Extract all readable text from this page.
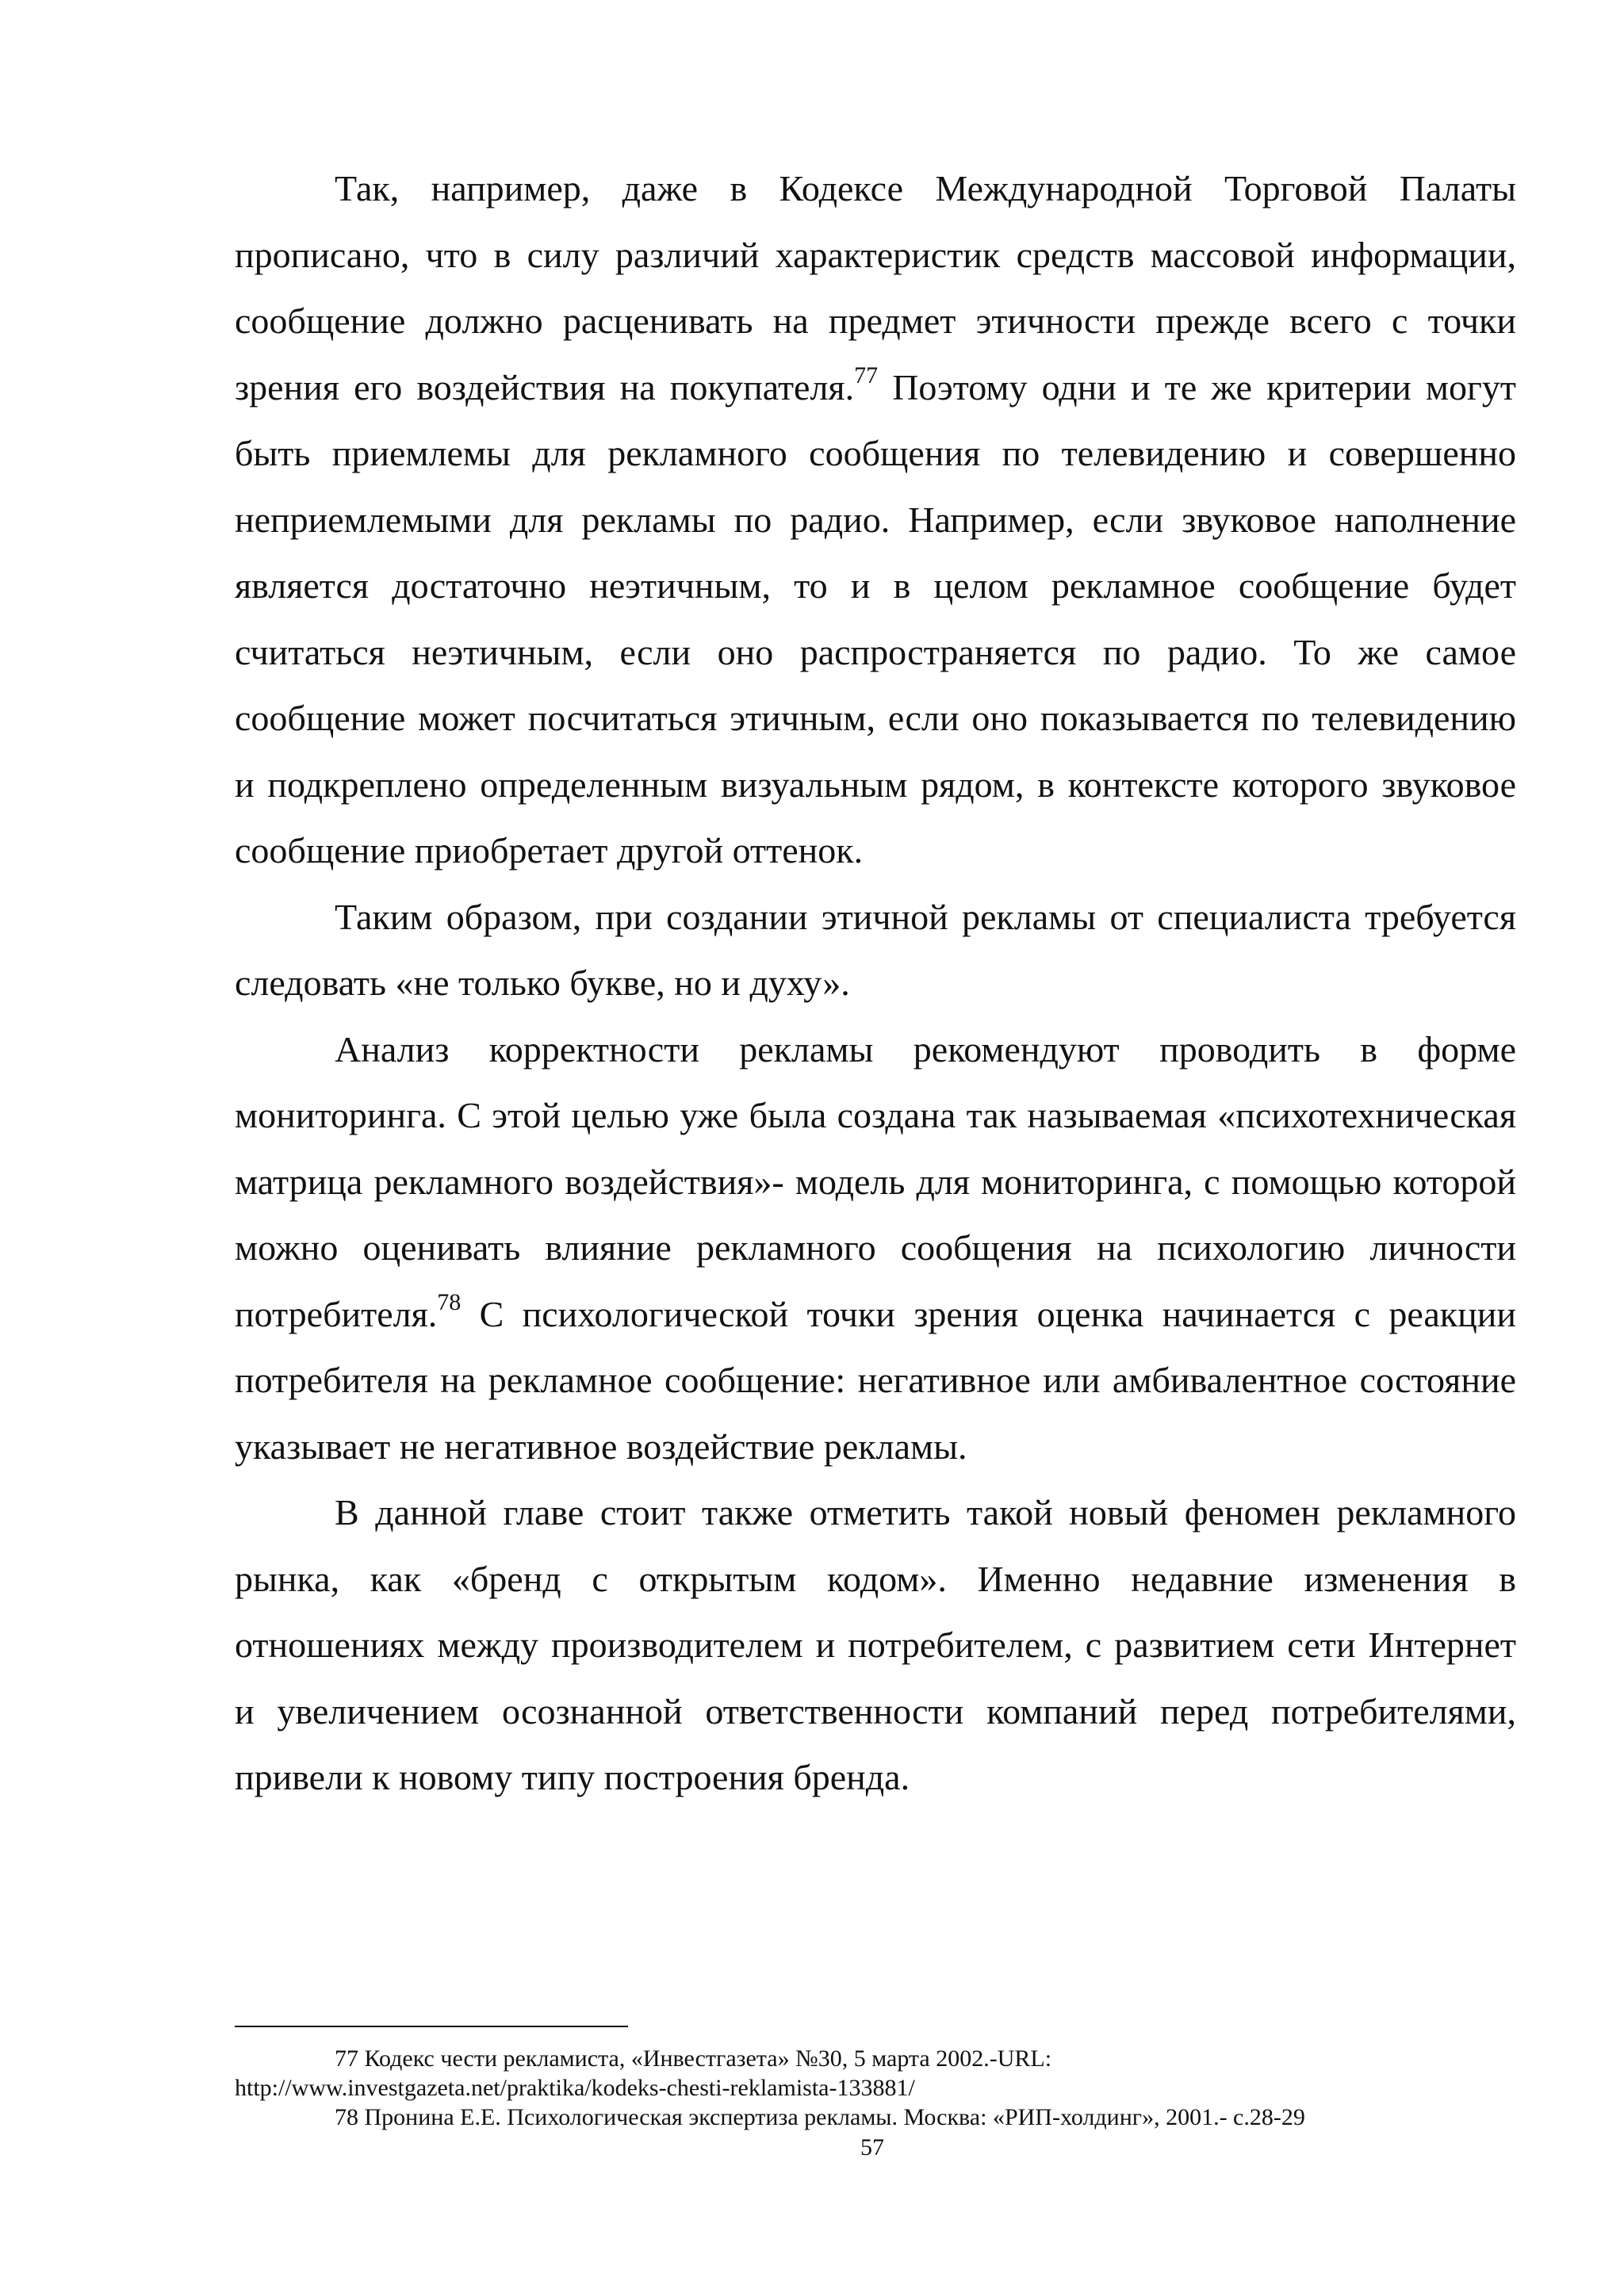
Так, например, даже в Кодексе Международной Торговой Палаты прописано, что в силу различий характеристик средств массовой информации, сообщение должно расценивать на предмет этичности прежде всего с точки зрения его воздействия на покупателя.$^{77}$ Поэтому одни и те же критерии могут быть приемлемы для рекламного сообщения по телевидению и совершенно неприемлемыми для рекламы по радио. Например, если звуковое наполнение является достаточно неэтичным, то и в целом рекламное сообщение будет считаться неэтичным, если оно распространяется по радио. То же самое сообщение может посчитаться этичным, если оно показывается по телевидению и подкреплено определенным визуальным рядом, в контексте которого звуковое сообщение приобретает другой оттенок.

Таким образом, при создании этичной рекламы от специалиста требуется следовать «не только букве, но и духу».

Анализ корректности рекламы рекомендуют проводить в форме мониторинга. С этой целью уже была создана так называемая «психотехническая матрица рекламного воздействия»- модель для мониторинга, с помощью которой можно оценивать влияние рекламного сообщения на психологию личности потребителя.$^{78}$ С психологической точки зрения оценка начинается с реакции потребителя на рекламное сообщение: негативное или амбивалентное состояние указывает не негативное воздействие рекламы.

В данной главе стоит также отметить такой новый феномен рекламного рынка, как «бренд с открытым кодом». Именно недавние изменения в отношениях между производителем и потребителем, с развитием сети Интернет и увеличением осознанной ответственности компаний перед потребителями, привели к новому типу построения бренда.

77 Кодекс чести рекламиста, «Инвестгазета» №30, 5 марта 2002.-URL:

http://www.investgazeta.net/praktika/kodeks-chesti-reklamista-133881/

78 Пронина Е.Е. Психологическая экспертиза рекламы. Москва: «РИП-холдинг», 2001.- с.28-29

57
